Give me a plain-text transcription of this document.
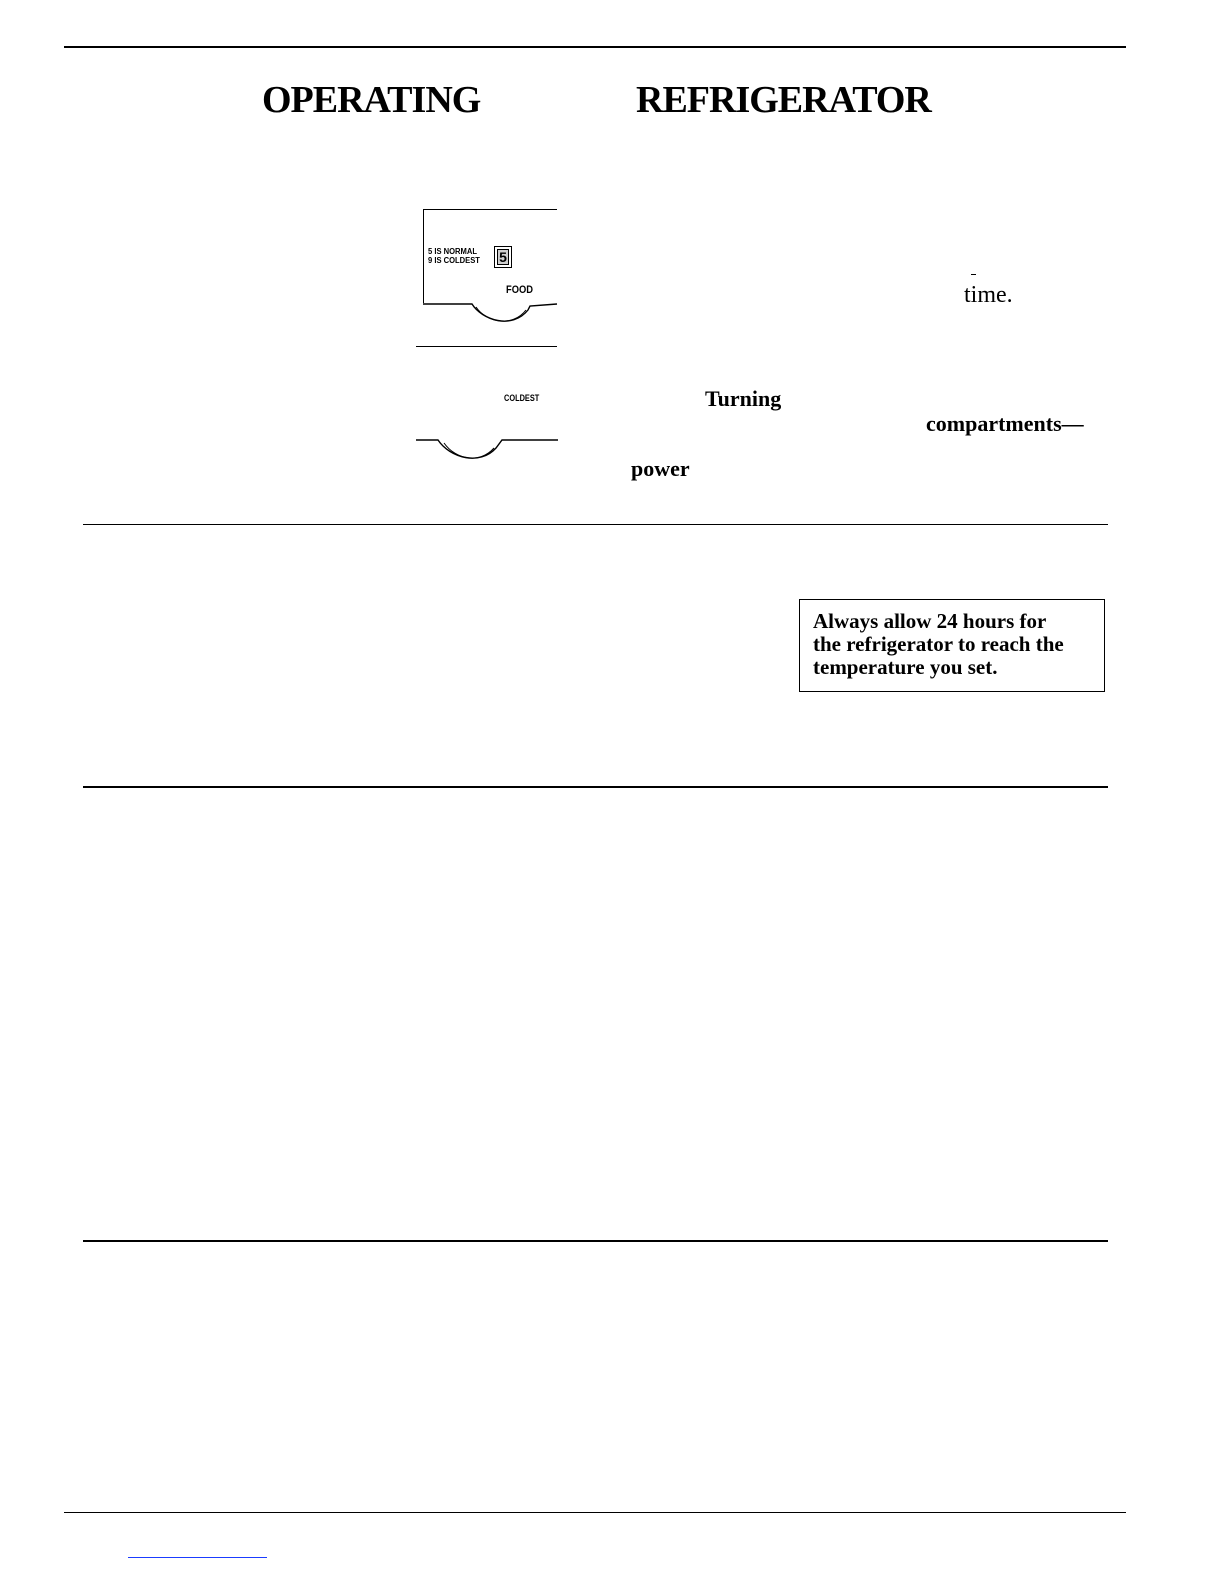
OPERATING	REFRIGERATOR
5 IS NORMAL
9 IS COLDEST 5
FOOD
COLDEST
time.
Turning
compartments—
power
Always allow 24 hours for
the refrigerator to reach the
temperature you set.
